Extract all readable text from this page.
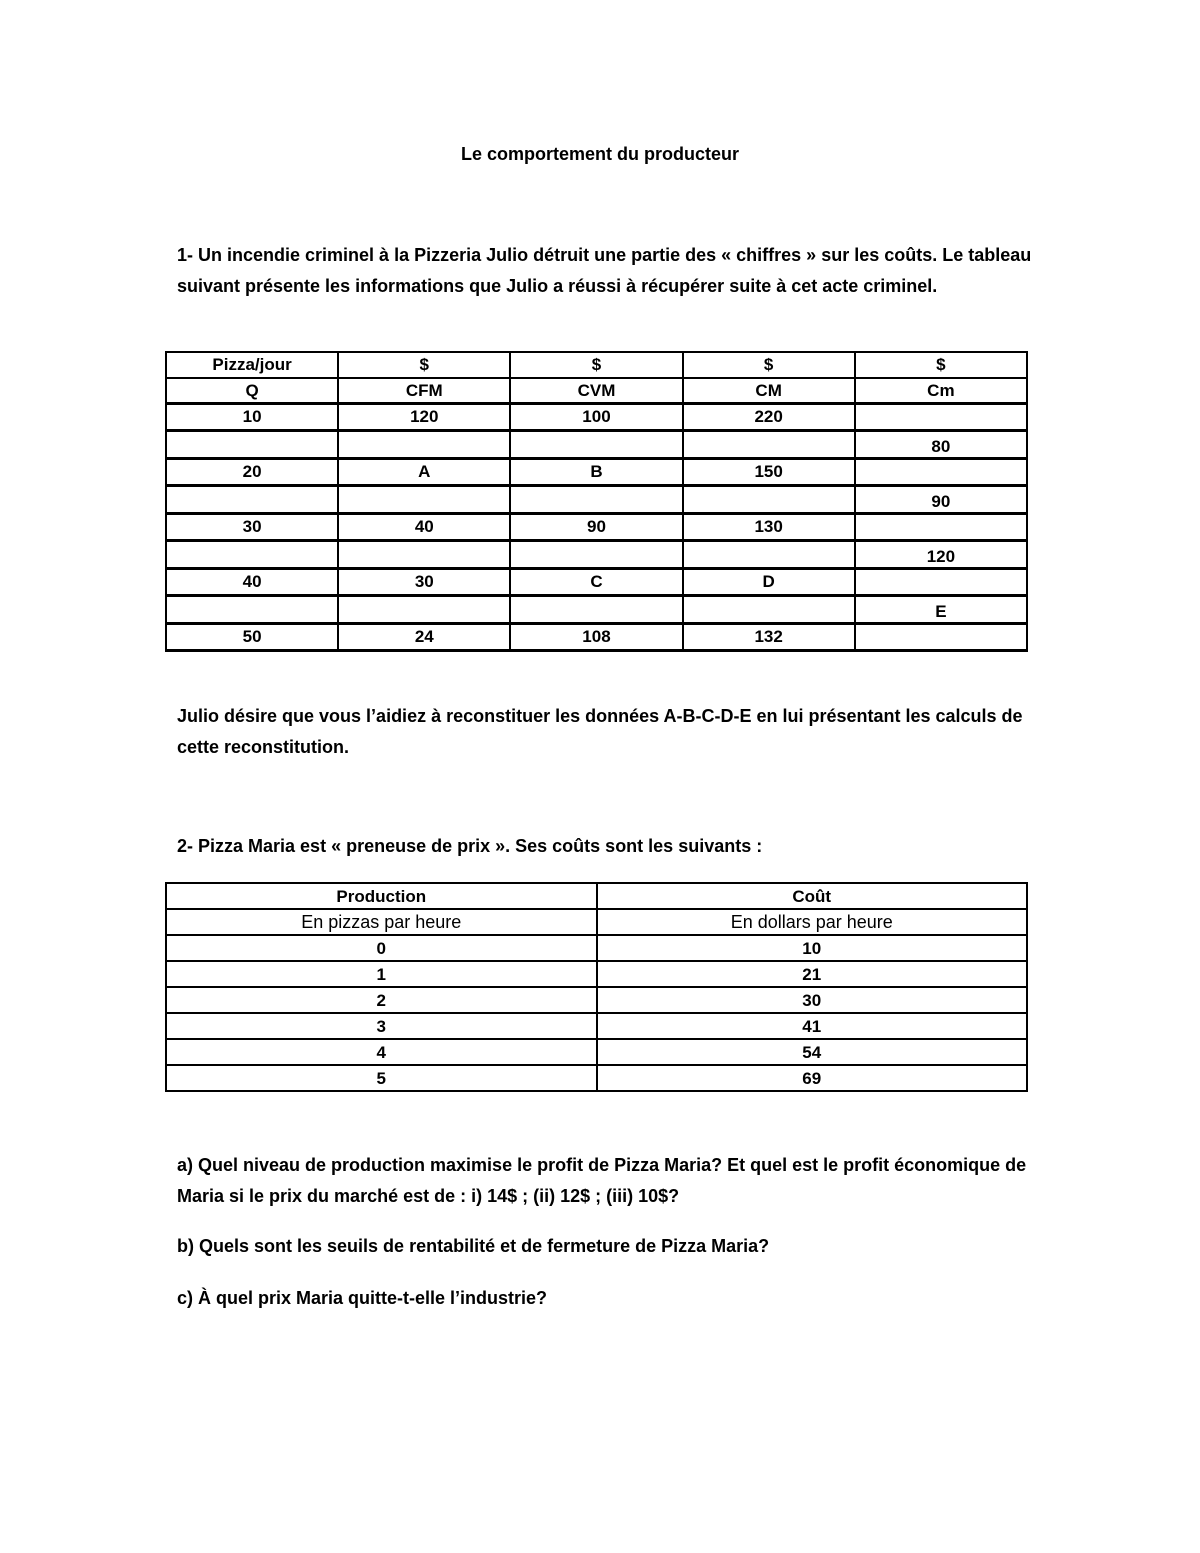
Le comportement du producteur
1- Un incendie criminel à la Pizzeria Julio détruit une partie des « chiffres » sur les coûts. Le tableau suivant présente les informations que Julio a réussi à récupérer suite à cet acte criminel.
Pizza/jour	$	$	$	$
Q	CFM	CVM	CM	Cm
10	120	100	220	
				80
20	A	B	150	
				90
30	40	90	130	
				120
40	30	C	D	
				E
50	24	108	132	
Julio désire que vous l’aidiez à reconstituer les données A-B-C-D-E en lui présentant les calculs de cette reconstitution.
2- Pizza Maria est « preneuse de prix ». Ses coûts sont les suivants :
Production	Coût
En pizzas par heure	En dollars par heure
0	10
1	21
2	30
3	41
4	54
5	69
a) Quel niveau de production maximise le profit de Pizza Maria? Et quel est le profit économique de Maria si le prix du marché est de : i) 14$ ; (ii) 12$ ; (iii) 10$?
b) Quels sont les seuils de rentabilité et de fermeture de Pizza Maria?
c) À quel prix Maria quitte-t-elle l’industrie?
